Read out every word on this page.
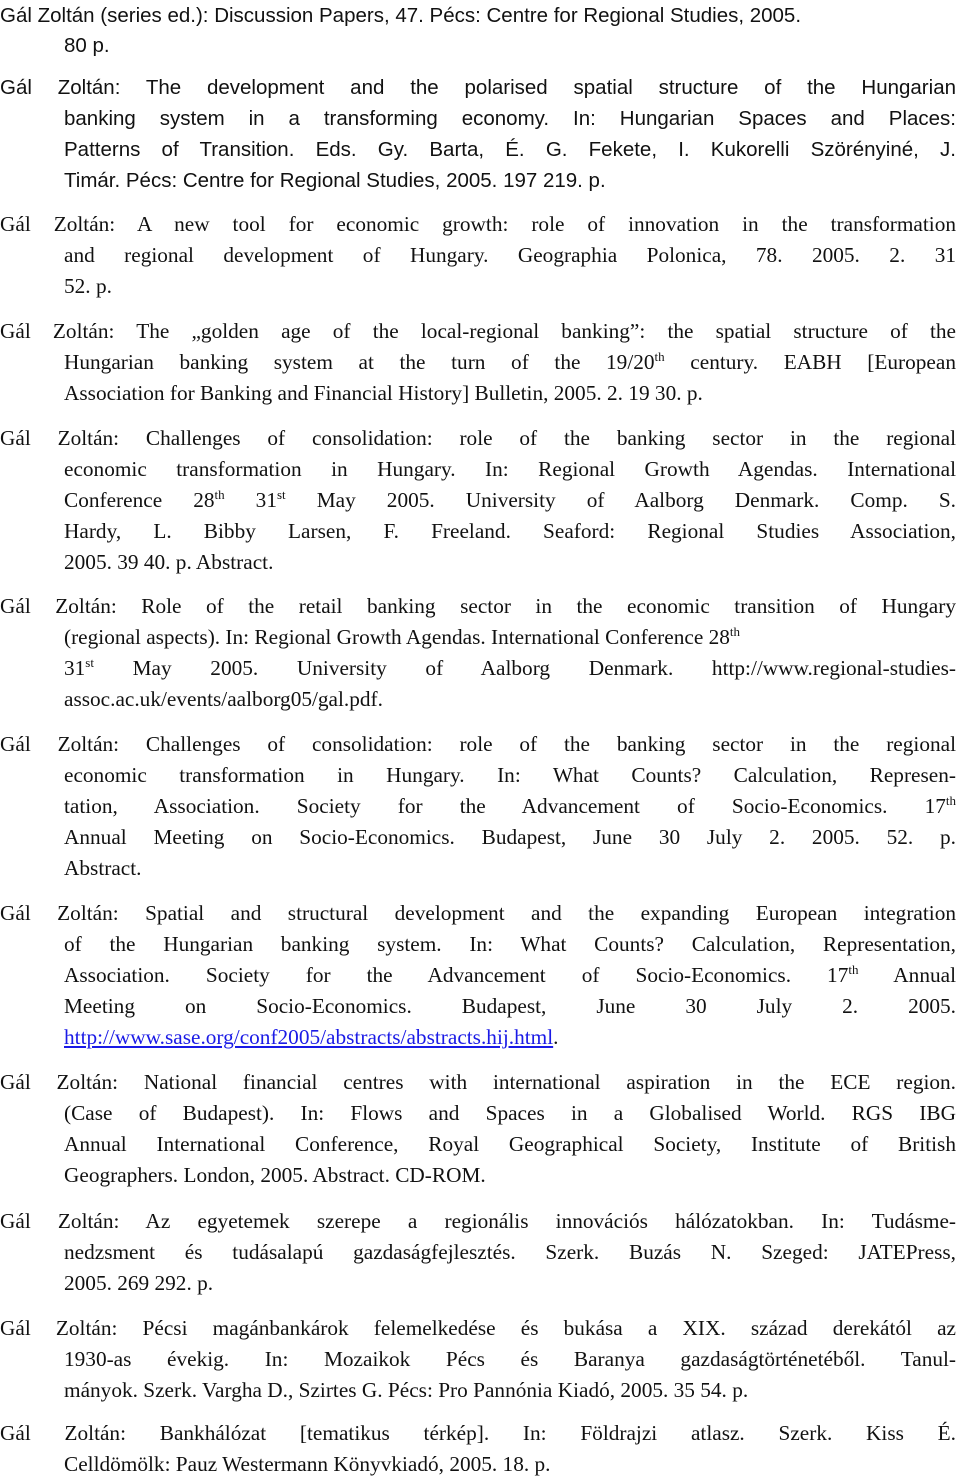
Gál Zoltán (series ed.): Discussion Papers, 47. Pécs: Centre for Regional Studies, 2005.
80 p.
Gál Zoltán: The development and the polarised spatial structure of the Hungarian
banking system in a transforming economy. In: Hungarian Spaces and Places:
Patterns of Transition. Eds. Gy. Barta, É. G. Fekete, I. Kukorelli Szörényiné, J.
Timár. Pécs: Centre for Regional Studies, 2005. 197 219. p.
Gál Zoltán: A new tool for economic growth: role of innovation in the transformation
and regional development of Hungary. Geographia Polonica, 78. 2005. 2. 31
52. p.
Gál Zoltán: The „golden age of the local-regional banking”: the spatial structure of the
Hungarian banking system at the turn of the 19/20th century. EABH [European
Association for Banking and Financial History] Bulletin, 2005. 2. 19 30. p.
Gál Zoltán: Challenges of consolidation: role of the banking sector in the regional
economic transformation in Hungary. In: Regional Growth Agendas. International
Conference 28th 31st May 2005. University of Aalborg Denmark. Comp. S.
Hardy, L. Bibby Larsen, F. Freeland. Seaford: Regional Studies Association,
2005. 39 40. p. Abstract.
Gál Zoltán: Role of the retail banking sector in the economic transition of Hungary
(regional aspects). In: Regional Growth Agendas. International Conference 28th
31st May 2005. University of Aalborg Denmark. http://www.regional-studies-
assoc.ac.uk/events/aalborg05/gal.pdf.
Gál Zoltán: Challenges of consolidation: role of the banking sector in the regional
economic transformation in Hungary. In: What Counts? Calculation, Represen-
tation, Association. Society for the Advancement of Socio-Economics. 17th
Annual Meeting on Socio-Economics. Budapest, June 30 July 2. 2005. 52. p.
Abstract.
Gál Zoltán: Spatial and structural development and the expanding European integration
of the Hungarian banking system. In: What Counts? Calculation, Representation,
Association. Society for the Advancement of Socio-Economics. 17th Annual
Meeting on Socio-Economics. Budapest, June 30 July 2. 2005.
http://www.sase.org/conf2005/abstracts/abstracts.hij.html.
Gál Zoltán: National financial centres with international aspiration in the ECE region.
(Case of Budapest). In: Flows and Spaces in a Globalised World. RGS IBG
Annual International Conference, Royal Geographical Society, Institute of British
Geographers. London, 2005. Abstract. CD-ROM.
Gál Zoltán: Az egyetemek szerepe a regionális innovációs hálózatokban. In: Tudásme-
nedzsment és tudásalapú gazdaságfejlesztés. Szerk. Buzás N. Szeged: JATEPress,
2005. 269 292. p.
Gál Zoltán: Pécsi magánbankárok felemelkedése és bukása a XIX. század derekától az
1930-as évekig. In: Mozaikok Pécs és Baranya gazdaságtörténetéből. Tanul-
mányok. Szerk. Vargha D., Szirtes G. Pécs: Pro Pannónia Kiadó, 2005. 35 54. p.
Gál Zoltán: Bankhálózat [tematikus térkép]. In: Földrajzi atlasz. Szerk. Kiss É.
Celldömölk: Pauz Westermann Könyvkiadó, 2005. 18. p.
